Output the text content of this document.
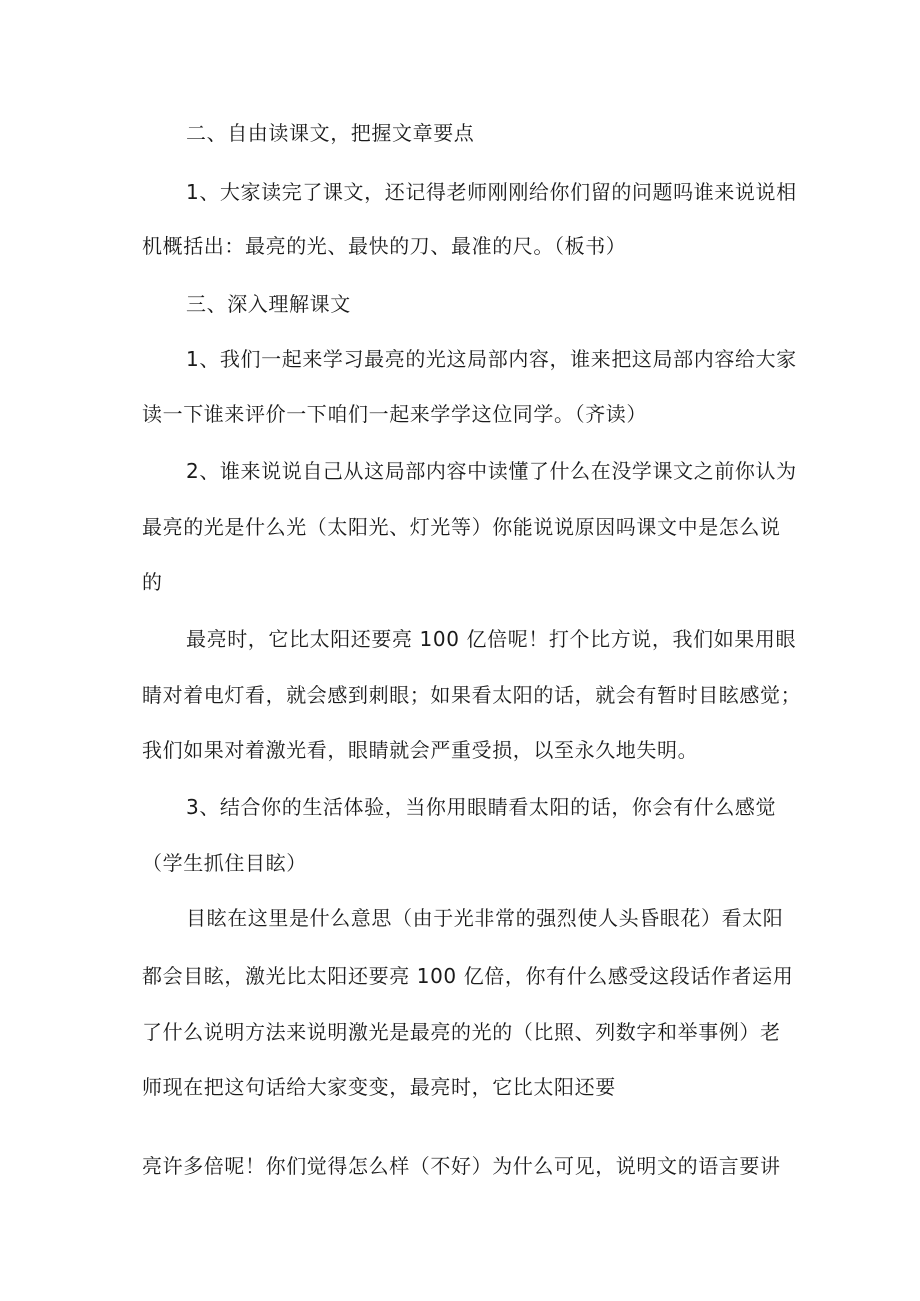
二、自由读课文，把握文章要点
1、大家读完了课文，还记得老师刚刚给你们留的问题吗谁来说说相
机概括出：最亮的光、最快的刀、最准的尺。（板书）
三、深入理解课文
1、我们一起来学习最亮的光这局部内容，谁来把这局部内容给大家
读一下谁来评价一下咱们一起来学学这位同学。（齐读）
2、谁来说说自己从这局部内容中读懂了什么在没学课文之前你认为
最亮的光是什么光（太阳光、灯光等）你能说说原因吗课文中是怎么说
的
最亮时，它比太阳还要亮 100 亿倍呢！打个比方说，我们如果用眼
睛对着电灯看，就会感到刺眼；如果看太阳的话，就会有暂时目眩感觉；
我们如果对着激光看，眼睛就会严重受损，以至永久地失明。
3、结合你的生活体验，当你用眼睛看太阳的话，你会有什么感觉
（学生抓住目眩）
目眩在这里是什么意思（由于光非常的强烈使人头昏眼花）看太阳
都会目眩，激光比太阳还要亮 100 亿倍，你有什么感受这段话作者运用
了什么说明方法来说明激光是最亮的光的（比照、列数字和举事例）老
师现在把这句话给大家变变，最亮时，它比太阳还要
亮许多倍呢！你们觉得怎么样（不好）为什么可见，说明文的语言要讲
